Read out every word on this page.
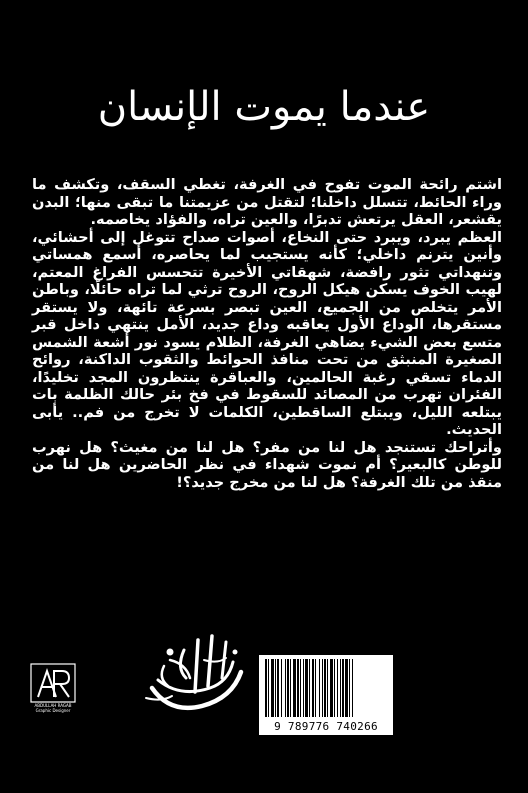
عندما يموت الإنسان

اشتم رائحة الموت تفوح في الغرفة، تغطي السقف، وتكشف ما وراء الحائط، تتسلل داخلنا؛ لتقتل من عزيمتنا ما تبقى منها؛ البدن يقشعر، العقل يرتعش تدبرًا، والعين تراه، والفؤاد يخاصمه.

العظم يبرد، ويبرد حتى النخاع، أصوات صداح تتوغل إلى أحشائي، وأنين يترنم داخلي؛ كأنه يستجيب لما يحاصره، أسمع همساتي وتنهداتي تثور رافضة، شهقاتي الأخيرة تتحسس الفراغ المعتم، لهيب الخوف يسكن هيكل الروح، الروح ترثي لما تراه حائلًا، وباطن الأمر يتخلص من الجميع، العين تبصر بسرعة تائهة، ولا يستقر مستقرها، الوداع الأول يعاقبه وداع جديد، الأمل ينتهي داخل قبر متسع بعض الشيء يضاهي الغرفة، الظلام يسود نور أشعة الشمس الصغيرة المنبثق من تحت منافذ الحوائط والثقوب الداكنة، روائح الدماء تسقي رغبة الحالمين، والعباقرة ينتظرون المجد تخليدًا، الفئران تهرب من المصائد للسقوط في فخ بئر حالك الظلمة بات يبتلعه الليل، ويبتلع الساقطين، الكلمات لا تخرج من فم.. يأبى الحديث.

وأتراحك تستنجد هل لنا من مفر؟ هل لنا من مغيث؟ هل نهرب للوطن كالبعير؟ أم نموت شهداء في نظر الحاضرين هل لنا من منقذ من تلك الغرفة؟ هل لنا من مخرج جديد؟!

ABDULLAH RAGAB
Graphic Designer
9 789776 740266
